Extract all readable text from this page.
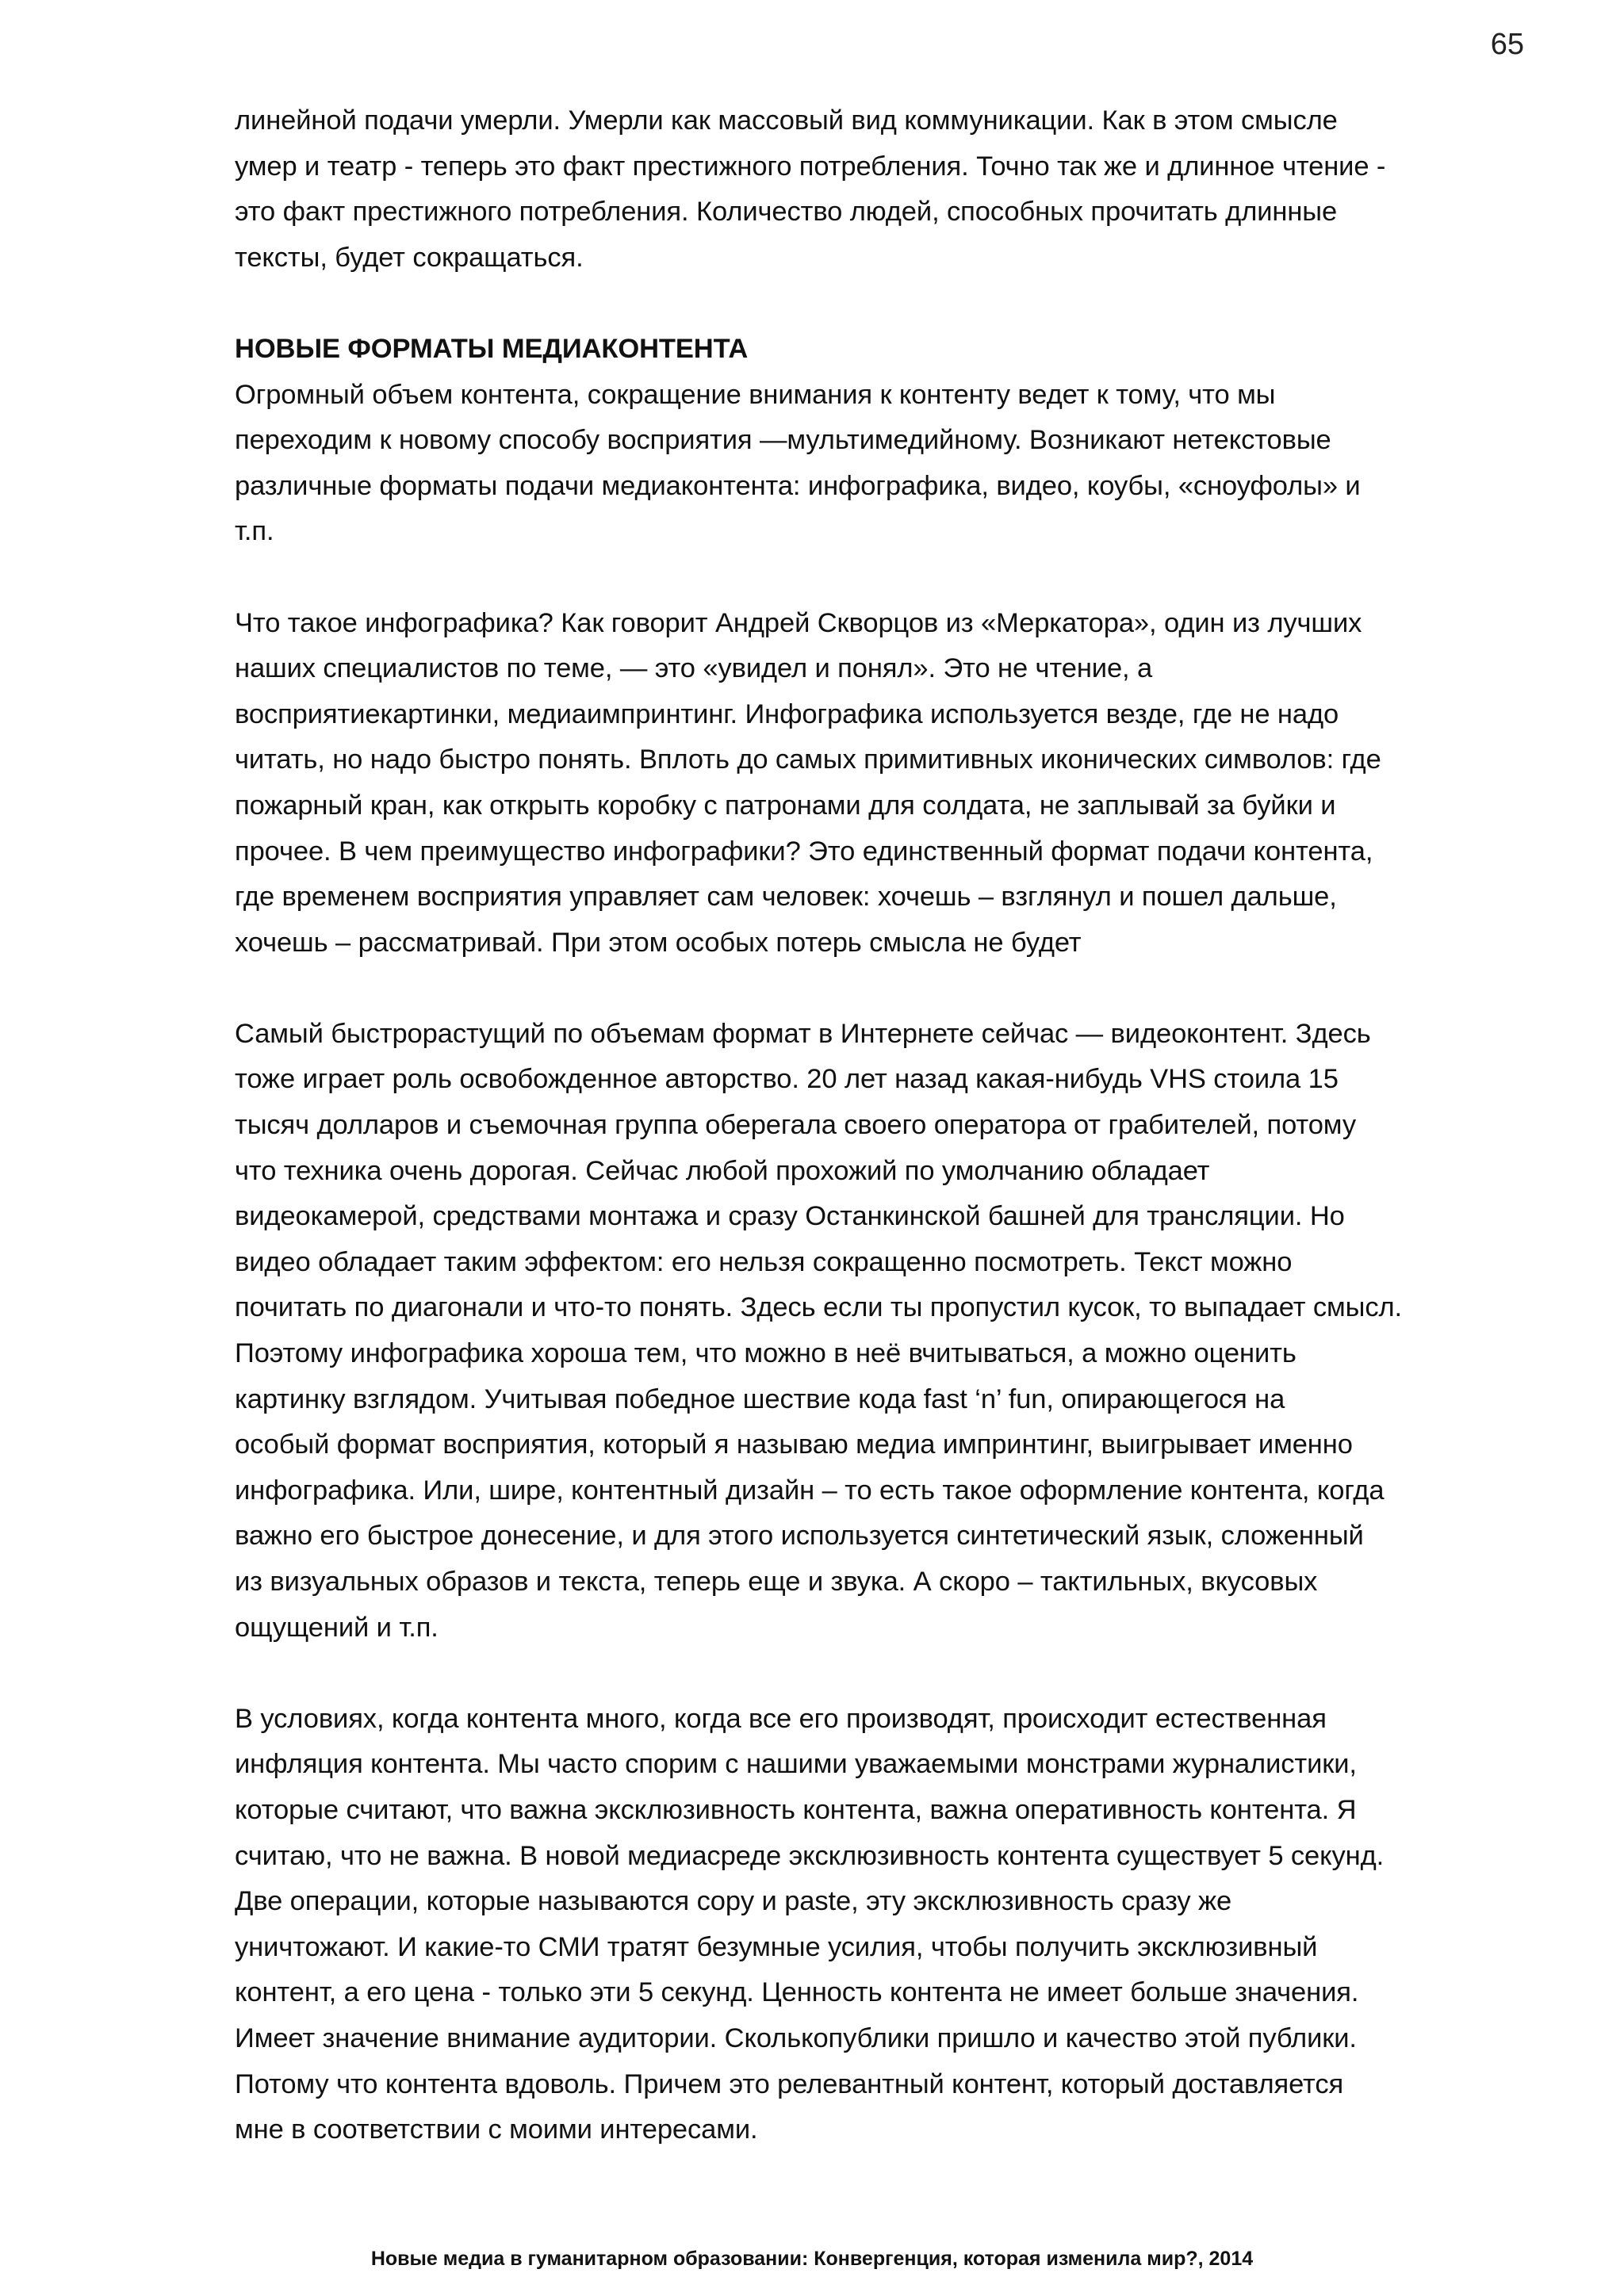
65

линейной подачи умерли. Умерли как массовый вид коммуникации. Как в этом смысле
умер и театр - теперь это факт престижного потребления. Точно так же и длинное чтение -
это факт престижного потребления. Количество людей, способных прочитать длинные
тексты, будет сокращаться.

НОВЫЕ ФОРМАТЫ МЕДИАКОНТЕНТА
Огромный объем контента, сокращение внимания к контенту ведет к тому, что мы
переходим к новому способу восприятия —мультимедийному. Возникают нетекстовые
различные форматы подачи медиаконтента: инфографика, видео, коубы, «сноуфолы» и
т.п.

Что такое инфографика? Как говорит Андрей Скворцов из «Меркатора», один из лучших
наших специалистов по теме, — это «увидел и понял». Это не чтение, а
восприятиекартинки, медиаимпринтинг. Инфографика используется везде, где не надо
читать, но надо быстро понять. Вплоть до самых примитивных иконических символов: где
пожарный кран, как открыть коробку с патронами для солдата, не заплывай за буйки и
прочее. В чем преимущество инфографики? Это единственный формат подачи контента,
где временем восприятия управляет сам человек: хочешь – взглянул и пошел дальше,
хочешь – рассматривай. При этом особых потерь смысла не будет

Самый быстрорастущий по объемам формат в Интернете сейчас — видеоконтент. Здесь
тоже играет роль освобожденное авторство. 20 лет назад какая-нибудь VHS стоила 15
тысяч долларов и съемочная группа оберегала своего оператора от грабителей, потому
что техника очень дорогая. Сейчас любой прохожий по умолчанию обладает
видеокамерой, средствами монтажа и сразу Останкинской башней для трансляции. Но
видео обладает таким эффектом: его нельзя сокращенно посмотреть. Текст можно
почитать по диагонали и что-то понять. Здесь если ты пропустил кусок, то выпадает смысл.
Поэтому инфографика хороша тем, что можно в неё вчитываться, а можно оценить
картинку взглядом. Учитывая победное шествие кода fast ‘n’ fun, опирающегося на
особый формат восприятия, который я называю медиа импринтинг, выигрывает именно
инфографика. Или, шире, контентный дизайн – то есть такое оформление контента, когда
важно его быстрое донесение, и для этого используется синтетический язык, сложенный
из визуальных образов и текста, теперь еще и звука. А скоро – тактильных, вкусовых
ощущений и т.п.

В условиях, когда контента много, когда все его производят, происходит естественная
инфляция контента. Мы часто спорим с нашими уважаемыми монстрами журналистики,
которые считают, что важна эксклюзивность контента, важна оперативность контента. Я
считаю, что не важна. В новой медиасреде эксклюзивность контента существует 5 секунд.
Две операции, которые называются copy и paste, эту эксклюзивность сразу же
уничтожают. И какие-то СМИ тратят безумные усилия, чтобы получить эксклюзивный
контент, а его цена - только эти 5 секунд. Ценность контента не имеет больше значения.
Имеет значение внимание аудитории. Сколькопублики пришло и качество этой публики.
Потому что контента вдоволь. Причем это релевантный контент, который доставляется
мне в соответствии с моими интересами.

Новые медиа в гуманитарном образовании: Конвергенция, которая изменила мир?, 2014
